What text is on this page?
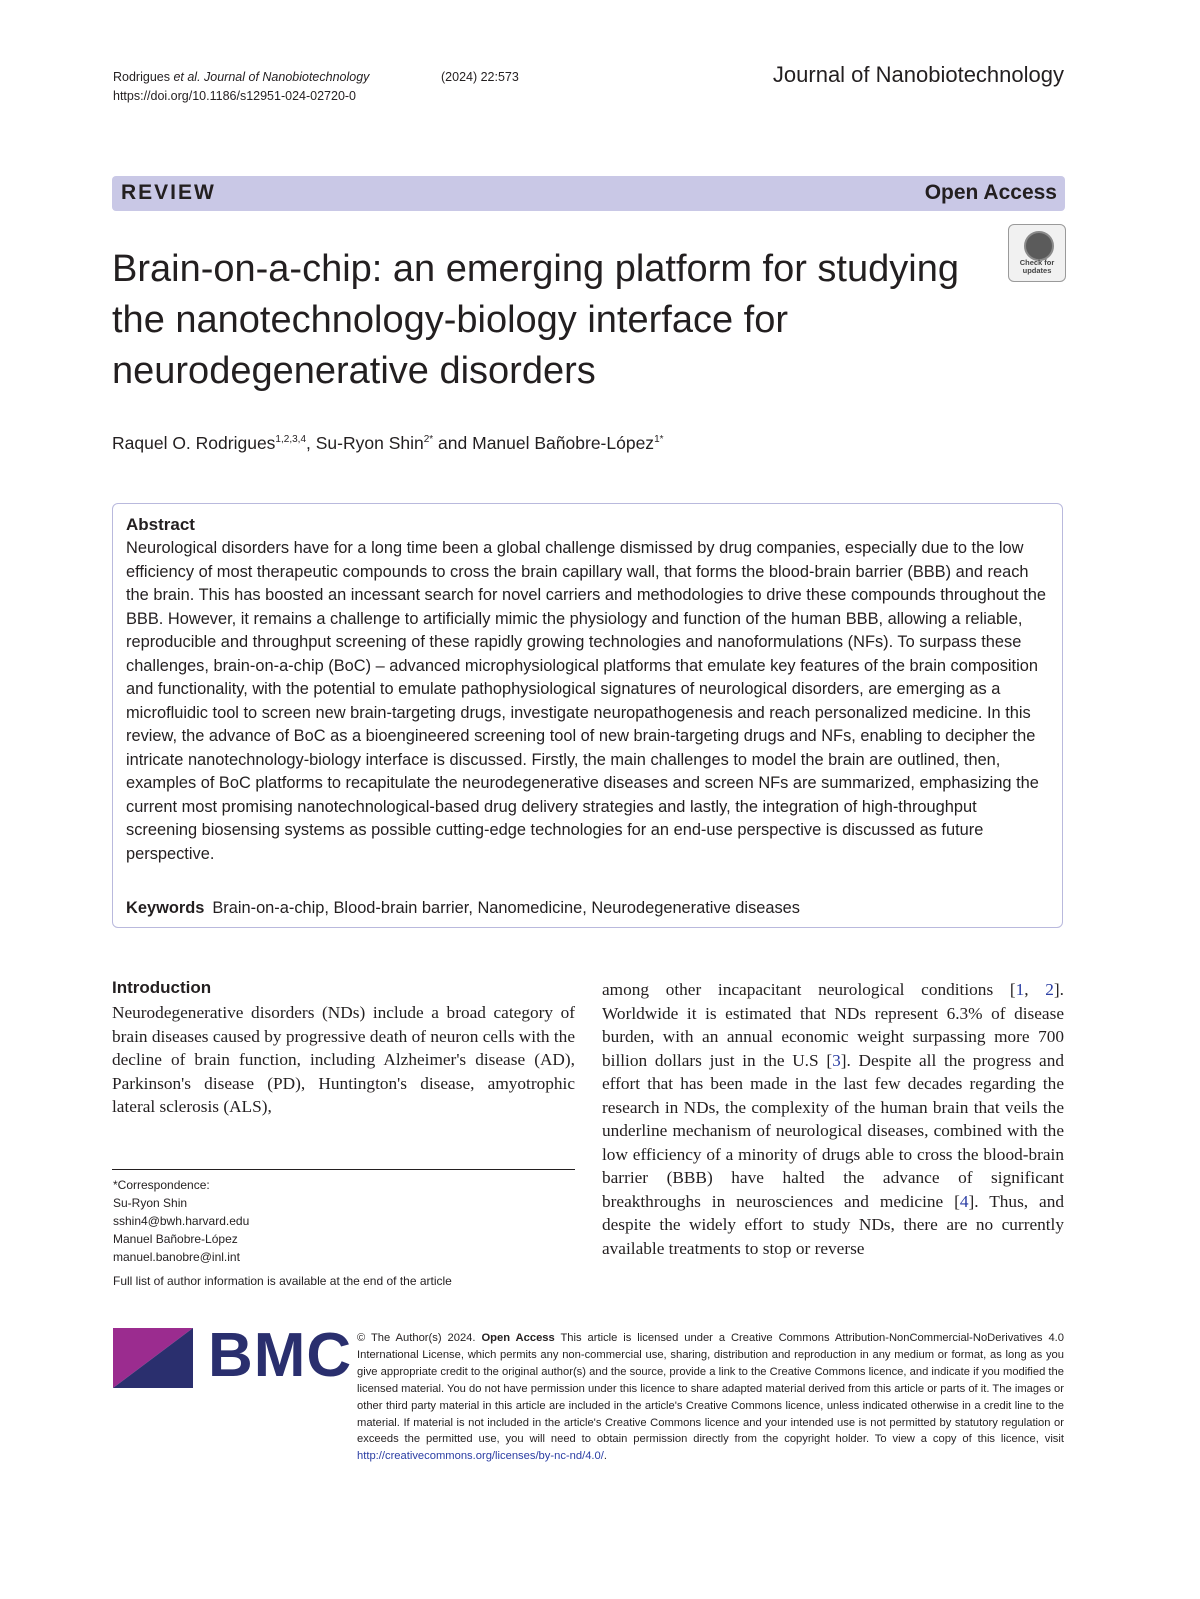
Rodrigues et al. Journal of Nanobiotechnology	(2024) 22:573
https://doi.org/10.1186/s12951-024-02720-0
Journal of Nanobiotechnology
REVIEW	Open Access
Brain-on-a-chip: an emerging platform for studying the nanotechnology-biology interface for neurodegenerative disorders
Check for updates
Raquel O. Rodrigues$^{1,2,3,4}$, Su-Ryon Shin$^{2*}$ and Manuel Bañobre-López$^{1*}$
Abstract
Neurological disorders have for a long time been a global challenge dismissed by drug companies, especially due to the low efficiency of most therapeutic compounds to cross the brain capillary wall, that forms the blood-brain barrier (BBB) and reach the brain. This has boosted an incessant search for novel carriers and methodologies to drive these compounds throughout the BBB. However, it remains a challenge to artificially mimic the physiology and function of the human BBB, allowing a reliable, reproducible and throughput screening of these rapidly growing technologies and nanoformulations (NFs). To surpass these challenges, brain-on-a-chip (BoC) – advanced microphysiological platforms that emulate key features of the brain composition and functionality, with the potential to emulate pathophysiological signatures of neurological disorders, are emerging as a microfluidic tool to screen new brain-targeting drugs, investigate neuropathogenesis and reach personalized medicine. In this review, the advance of BoC as a bioengineered screening tool of new brain-targeting drugs and NFs, enabling to decipher the intricate nanotechnology-biology interface is discussed. Firstly, the main challenges to model the brain are outlined, then, examples of BoC platforms to recapitulate the neurodegenerative diseases and screen NFs are summarized, emphasizing the current most promising nanotechnological-based drug delivery strategies and lastly, the integration of high-throughput screening biosensing systems as possible cutting-edge technologies for an end-use perspective is discussed as future perspective.
Keywords Brain-on-a-chip, Blood-brain barrier, Nanomedicine, Neurodegenerative diseases
Introduction
Neurodegenerative disorders (NDs) include a broad category of brain diseases caused by progressive death of neuron cells with the decline of brain function, including Alzheimer's disease (AD), Parkinson's disease (PD), Huntington's disease, amyotrophic lateral sclerosis (ALS),
among other incapacitant neurological conditions [1, 2]. Worldwide it is estimated that NDs represent 6.3% of disease burden, with an annual economic weight surpassing more 700 billion dollars just in the U.S [3]. Despite all the progress and effort that has been made in the last few decades regarding the research in NDs, the complexity of the human brain that veils the underline mechanism of neurological diseases, combined with the low efficiency of a minority of drugs able to cross the blood-brain barrier (BBB) have halted the advance of significant breakthroughs in neurosciences and medicine [4]. Thus, and despite the widely effort to study NDs, there are no currently available treatments to stop or reverse
*Correspondence:
Su-Ryon Shin
sshin4@bwh.harvard.edu
Manuel Bañobre-López
manuel.banobre@inl.int
Full list of author information is available at the end of the article
BMC © The Author(s) 2024. Open Access This article is licensed under a Creative Commons Attribution-NonCommercial-NoDerivatives 4.0 International License, which permits any non-commercial use, sharing, distribution and reproduction in any medium or format, as long as you give appropriate credit to the original author(s) and the source, provide a link to the Creative Commons licence, and indicate if you modified the licensed material. You do not have permission under this licence to share adapted material derived from this article or parts of it. The images or other third party material in this article are included in the article's Creative Commons licence, unless indicated otherwise in a credit line to the material. If material is not included in the article's Creative Commons licence and your intended use is not permitted by statutory regulation or exceeds the permitted use, you will need to obtain permission directly from the copyright holder. To view a copy of this licence, visit http://creativecommons.org/licenses/by-nc-nd/4.0/.
